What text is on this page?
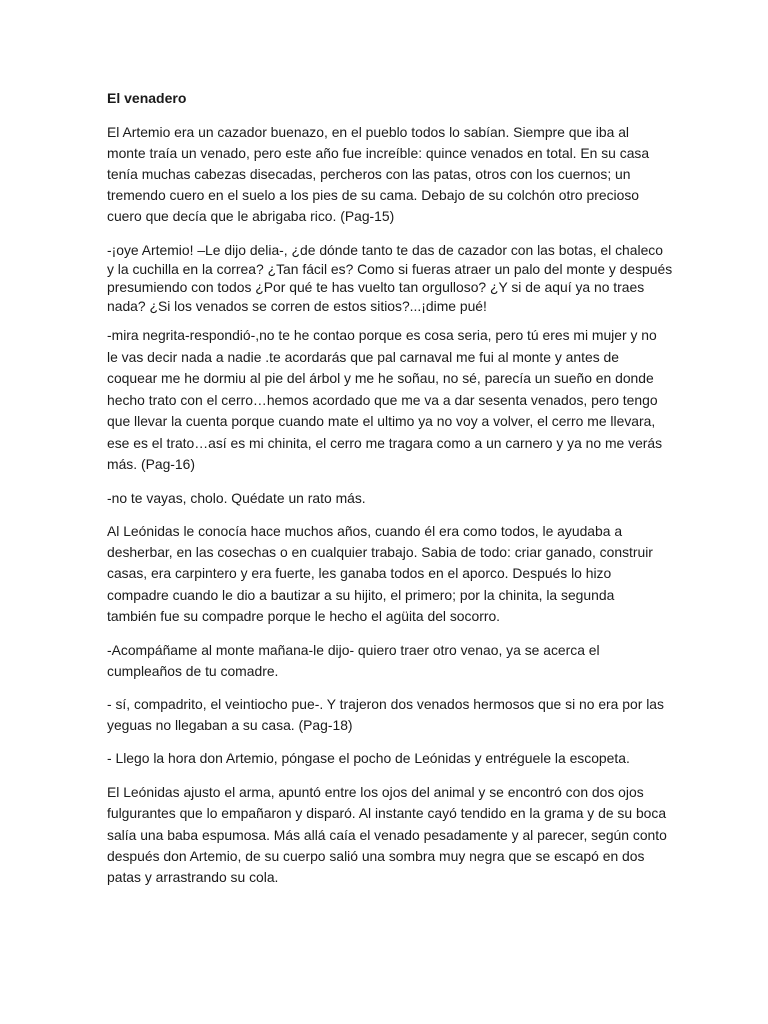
El venadero
El Artemio era un cazador buenazo, en el pueblo todos lo sabían. Siempre que iba al
monte traía un venado, pero este año fue increíble: quince venados en total. En su casa
tenía muchas cabezas disecadas, percheros con las patas, otros con los cuernos; un
tremendo cuero en el suelo a los pies de su cama. Debajo de su colchón otro precioso
cuero que decía que le abrigaba rico. (Pag-15)
-¡oye Artemio! –Le dijo delia-, ¿de dónde tanto te das de cazador con las botas, el chaleco
y la cuchilla en la correa? ¿Tan fácil es? Como si fueras atraer un palo del monte y después
presumiendo con todos ¿Por qué te has vuelto tan orgulloso? ¿Y si de aquí ya no traes
nada? ¿Si los venados se corren de estos sitios?...¡dime pué!
-mira negrita-respondió-,no te he contao porque es cosa seria, pero tú eres mi mujer y no
le vas decir nada a nadie .te acordarás que pal carnaval me fui al monte y antes de
coquear me he dormiu al pie del árbol y me he soñau, no sé, parecía un sueño en donde
hecho trato con el cerro…hemos acordado que me va a dar sesenta venados, pero tengo
que llevar la cuenta porque cuando mate el ultimo ya no voy a volver, el cerro me llevara,
ese es el trato…así es mi chinita, el cerro me tragara como a un carnero y ya no me verás
más. (Pag-16)
-no te vayas, cholo. Quédate un rato más.
Al Leónidas le conocía hace muchos años, cuando él era como todos, le ayudaba a
desherbar, en las cosechas o en cualquier trabajo. Sabia de todo: criar ganado, construir
casas, era carpintero y era fuerte, les ganaba todos en el aporco. Después lo hizo
compadre cuando le dio a bautizar a su hijito, el primero; por la chinita, la segunda
también fue su compadre porque le hecho el agüita del socorro.
-Acompáñame al monte mañana-le dijo- quiero traer otro venao, ya se acerca el
cumpleaños de tu comadre.
- sí, compadrito, el veintiocho pue-. Y trajeron dos venados hermosos que si no era por las
yeguas no llegaban a su casa. (Pag-18)
- Llego la hora don Artemio, póngase el pocho de Leónidas y entréguele la escopeta.
El Leónidas ajusto el arma, apuntó entre los ojos del animal y se encontró con dos ojos
fulgurantes que lo empañaron y disparó. Al instante cayó tendido en la grama y de su boca
salía una baba espumosa. Más allá caía el venado pesadamente y al parecer, según conto
después don Artemio, de su cuerpo salió una sombra muy negra que se escapó en dos
patas y arrastrando su cola.
